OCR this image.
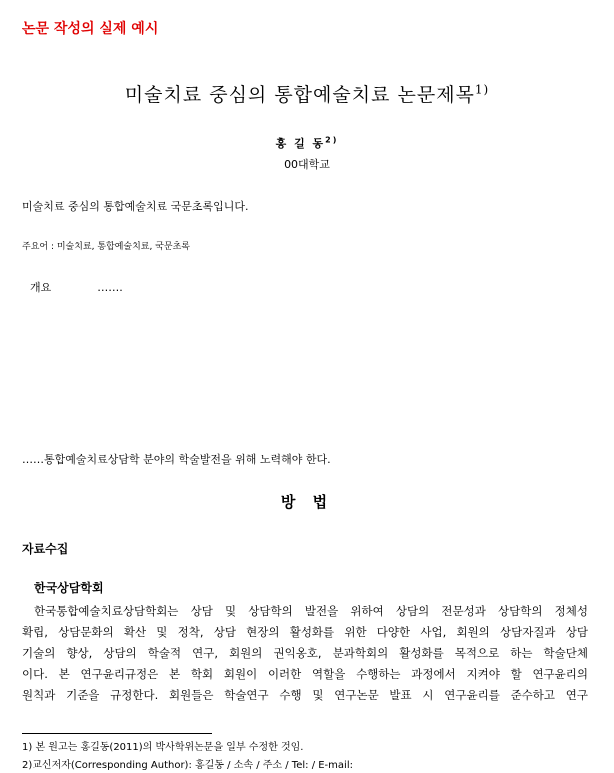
논문 작성의 실제 예시
미술치료 중심의 통합예술치료 논문제목$^{1)}$
홍 길 동$^{2)}$
00대학교
미술치료 중심의 통합예술치료 국문초록입니다.
주요어 : 미술치료, 통합예술치료, 국문초록
개요	…….
……통합예술치료상담학 분야의 학술발전을 위해 노력해야 한다.
방 법
자료수집
한국상담학회
한국통합예술치료상담학회는 상담 및 상담학의 발전을 위하여 상담의 전문성과 상담학의 정체성
확립, 상담문화의 확산 및 정착, 상담 현장의 활성화를 위한 다양한 사업, 회원의 상담자질과 상담
기술의 향상, 상담의 학술적 연구, 회원의 권익옹호, 분과학회의 활성화를 목적으로 하는 학술단체
이다. 본 연구윤리규정은 본 학회 회원이 이러한 역할을 수행하는 과정에서 지켜야 할 연구윤리의
원칙과 기준을 규정한다. 회원들은 학술연구 수행 및 연구논문 발표 시 연구윤리를 준수하고 연구
1) 본 원고는 홍길동(2011)의 박사학위논문을 일부 수정한 것임.
2)교신저자(Corresponding Author): 홍길동 / 소속 / 주소 / Tel: / E-mail:
